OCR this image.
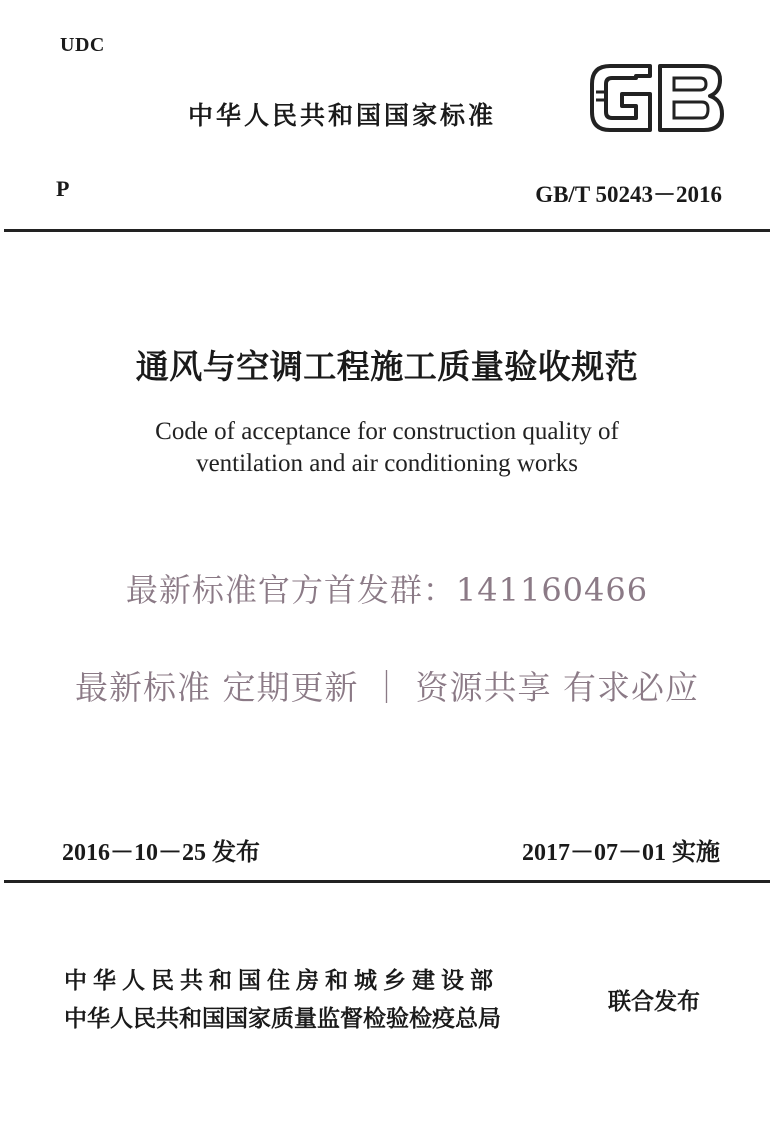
UDC
中华人民共和国国家标准
P	GB/T 50243－2016
通风与空调工程施工质量验收规范
Code of acceptance for construction quality of
ventilation and air conditioning works
最新标准官方首发群：141160466
最新标准 定期更新 ｜ 资源共享 有求必应
2016－10－25 发布	2017－07－01 实施
中华人民共和国住房和城乡建设部
中华人民共和国国家质量监督检验检疫总局
联合发布
